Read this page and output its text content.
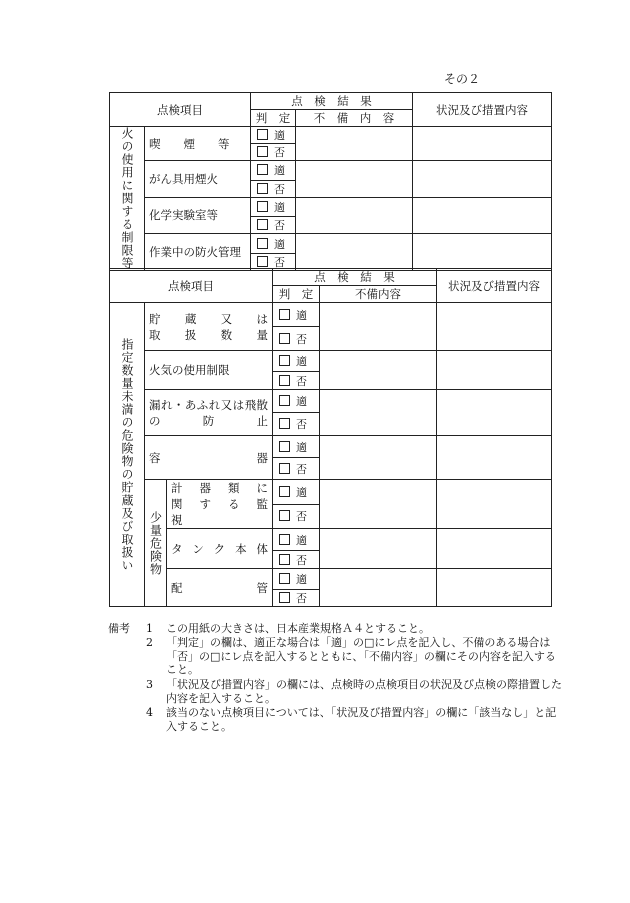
その２
点検項目		点　検　結　果		状況及び措置内容
		判　定	不　備　内　容	
火の使用に関する制限等	喫　　煙　　等	適		
		否		
	がん具用煙火	適		
		否		
	化学実験室等	適		
		否		
	作業中の防火管理	適		
		否		
点検項目			点　検　結　果		状況及び措置内容
			判　定	不備内容	
指定数量未満の危険物の貯蔵及び取扱い	貯　蔵　又　は
取　扱　数　量		適		
			否		
	火気の使用制限		適		
			否		

	漏れ・あふれ又は飛散
の　　　防　　　止		適		
			否		
	容　　　　　　器		適		
			否		
	少量危険物	計　器　類　に
関　す　る　監　視	適		
			否		
		タンク本体	適		
			否		
		配　　　　　管	適		
			否		
備考 1 この用紙の大きさは、日本産業規格Ａ４とすること。
2 「判定」の欄は、適正な場合は「適」の□にレ点を記入し、不備のある場合は「否」の□にレ点を記入するとともに、「不備内容」の欄にその内容を記入すること。
3 「状況及び措置内容」の欄には、点検時の点検項目の状況及び点検の際措置した内容を記入すること。
4 該当のない点検項目については、「状況及び措置内容」の欄に「該当なし」と記入すること。
